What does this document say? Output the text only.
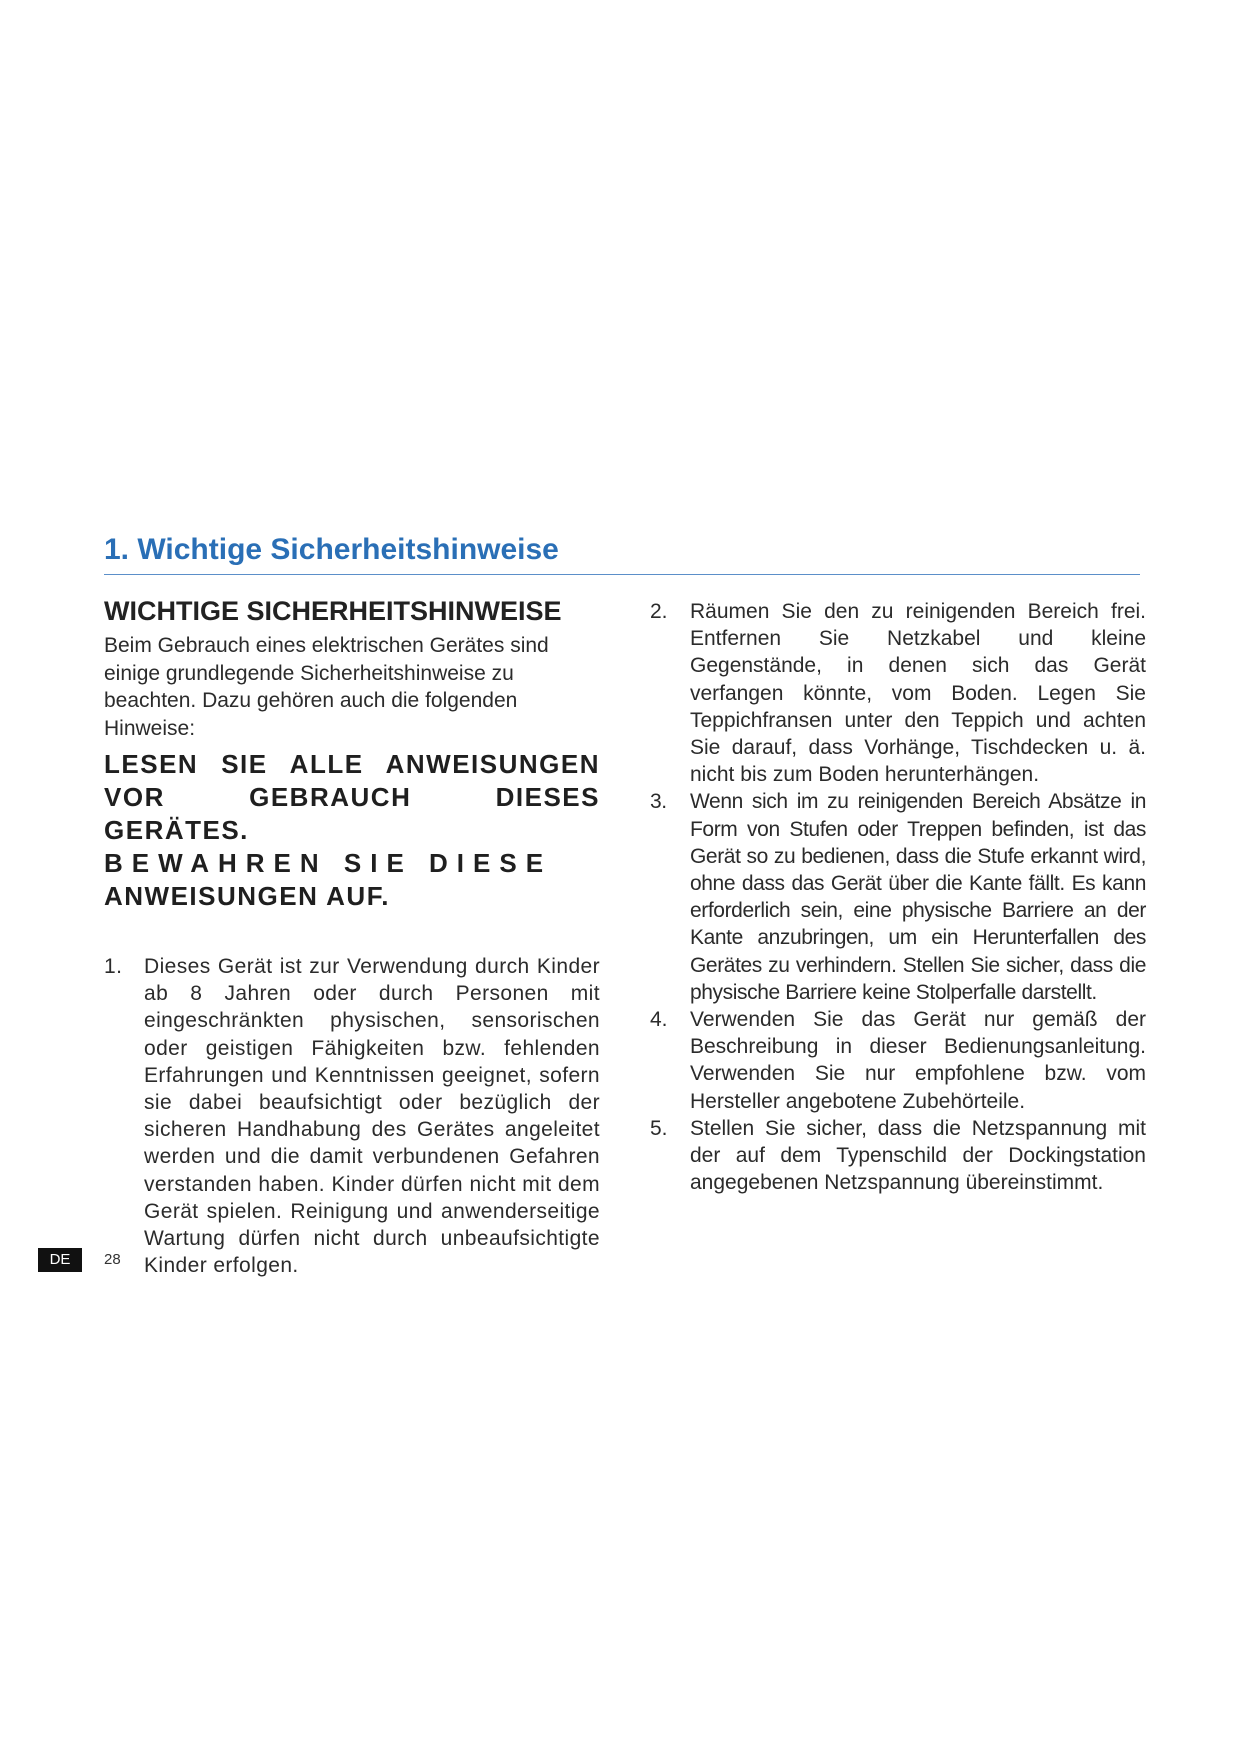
1. Wichtige Sicherheitshinweise
WICHTIGE SICHERHEITSHINWEISE

Beim Gebrauch eines elektrischen Gerätes sind einige grundlegende Sicherheitshinweise zu beachten. Dazu gehören auch die folgenden Hinweise:

LESEN SIE ALLE ANWEISUNGEN VOR GEBRAUCH DIESES GERÄTES.
BEWAHREN SIE DIESE
ANWEISUNGEN AUF.

1. Dieses Gerät ist zur Verwendung durch Kinder ab 8 Jahren oder durch Personen mit eingeschränkten physischen, sensorischen oder geistigen Fähigkeiten bzw. fehlenden Erfahrungen und Kenntnissen geeignet, sofern sie dabei beaufsichtigt oder bezüglich der sicheren Handhabung des Gerätes angeleitet werden und die damit verbundenen Gefahren verstanden haben. Kinder dürfen nicht mit dem Gerät spielen. Reinigung und anwenderseitige Wartung dürfen nicht durch unbeaufsichtigte Kinder erfolgen.
2. Räumen Sie den zu reinigenden Bereich frei. Entfernen Sie Netzkabel und kleine Gegenstände, in denen sich das Gerät verfangen könnte, vom Boden. Legen Sie Teppichfransen unter den Teppich und achten Sie darauf, dass Vorhänge, Tischdecken u. ä. nicht bis zum Boden herunterhängen.
3. Wenn sich im zu reinigenden Bereich Absätze in Form von Stufen oder Treppen befinden, ist das Gerät so zu bedienen, dass die Stufe erkannt wird, ohne dass das Gerät über die Kante fällt. Es kann erforderlich sein, eine physische Barriere an der Kante anzubringen, um ein Herunterfallen des Gerätes zu verhindern. Stellen Sie sicher, dass die physische Barriere keine Stolperfalle darstellt.
4. Verwenden Sie das Gerät nur gemäß der Beschreibung in dieser Bedienungsanleitung. Verwenden Sie nur empfohlene bzw. vom Hersteller angebotene Zubehörteile.
5. Stellen Sie sicher, dass die Netzspannung mit der auf dem Typenschild der Dockingstation angegebenen Netzspannung übereinstimmt.
DE	28
